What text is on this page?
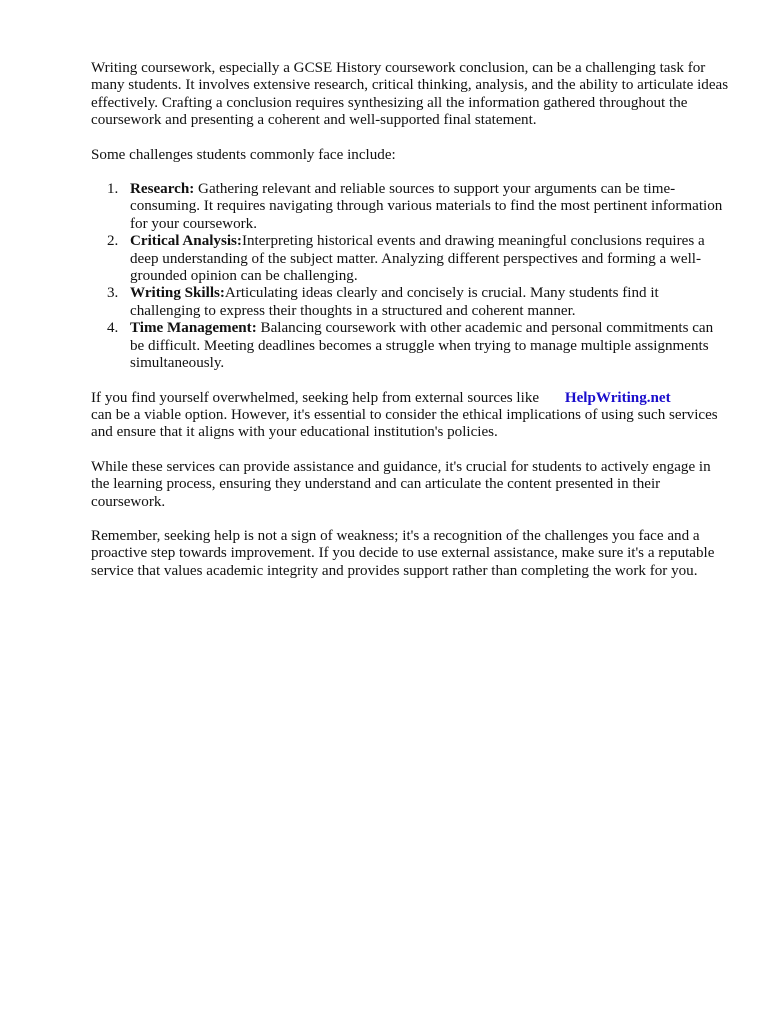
Writing coursework, especially a GCSE History coursework conclusion, can be a challenging task for many students. It involves extensive research, critical thinking, analysis, and the ability to articulate ideas effectively. Crafting a conclusion requires synthesizing all the information gathered throughout the coursework and presenting a coherent and well-supported final statement.

Some challenges students commonly face include:

1. Research: Gathering relevant and reliable sources to support your arguments can be time-consuming. It requires navigating through various materials to find the most pertinent information for your coursework.
2. Critical Analysis:Interpreting historical events and drawing meaningful conclusions requires a deep understanding of the subject matter. Analyzing different perspectives and forming a well-grounded opinion can be challenging.
3. Writing Skills:Articulating ideas clearly and concisely is crucial. Many students find it challenging to express their thoughts in a structured and coherent manner.
4. Time Management: Balancing coursework with other academic and personal commitments can be difficult. Meeting deadlines becomes a struggle when trying to manage multiple assignments simultaneously.

If you find yourself overwhelmed, seeking help from external sources like HelpWriting.net
can be a viable option. However, it's essential to consider the ethical implications of using such services and ensure that it aligns with your educational institution's policies.

While these services can provide assistance and guidance, it's crucial for students to actively engage in the learning process, ensuring they understand and can articulate the content presented in their coursework.

Remember, seeking help is not a sign of weakness; it's a recognition of the challenges you face and a proactive step towards improvement. If you decide to use external assistance, make sure it's a reputable service that values academic integrity and provides support rather than completing the work for you.
